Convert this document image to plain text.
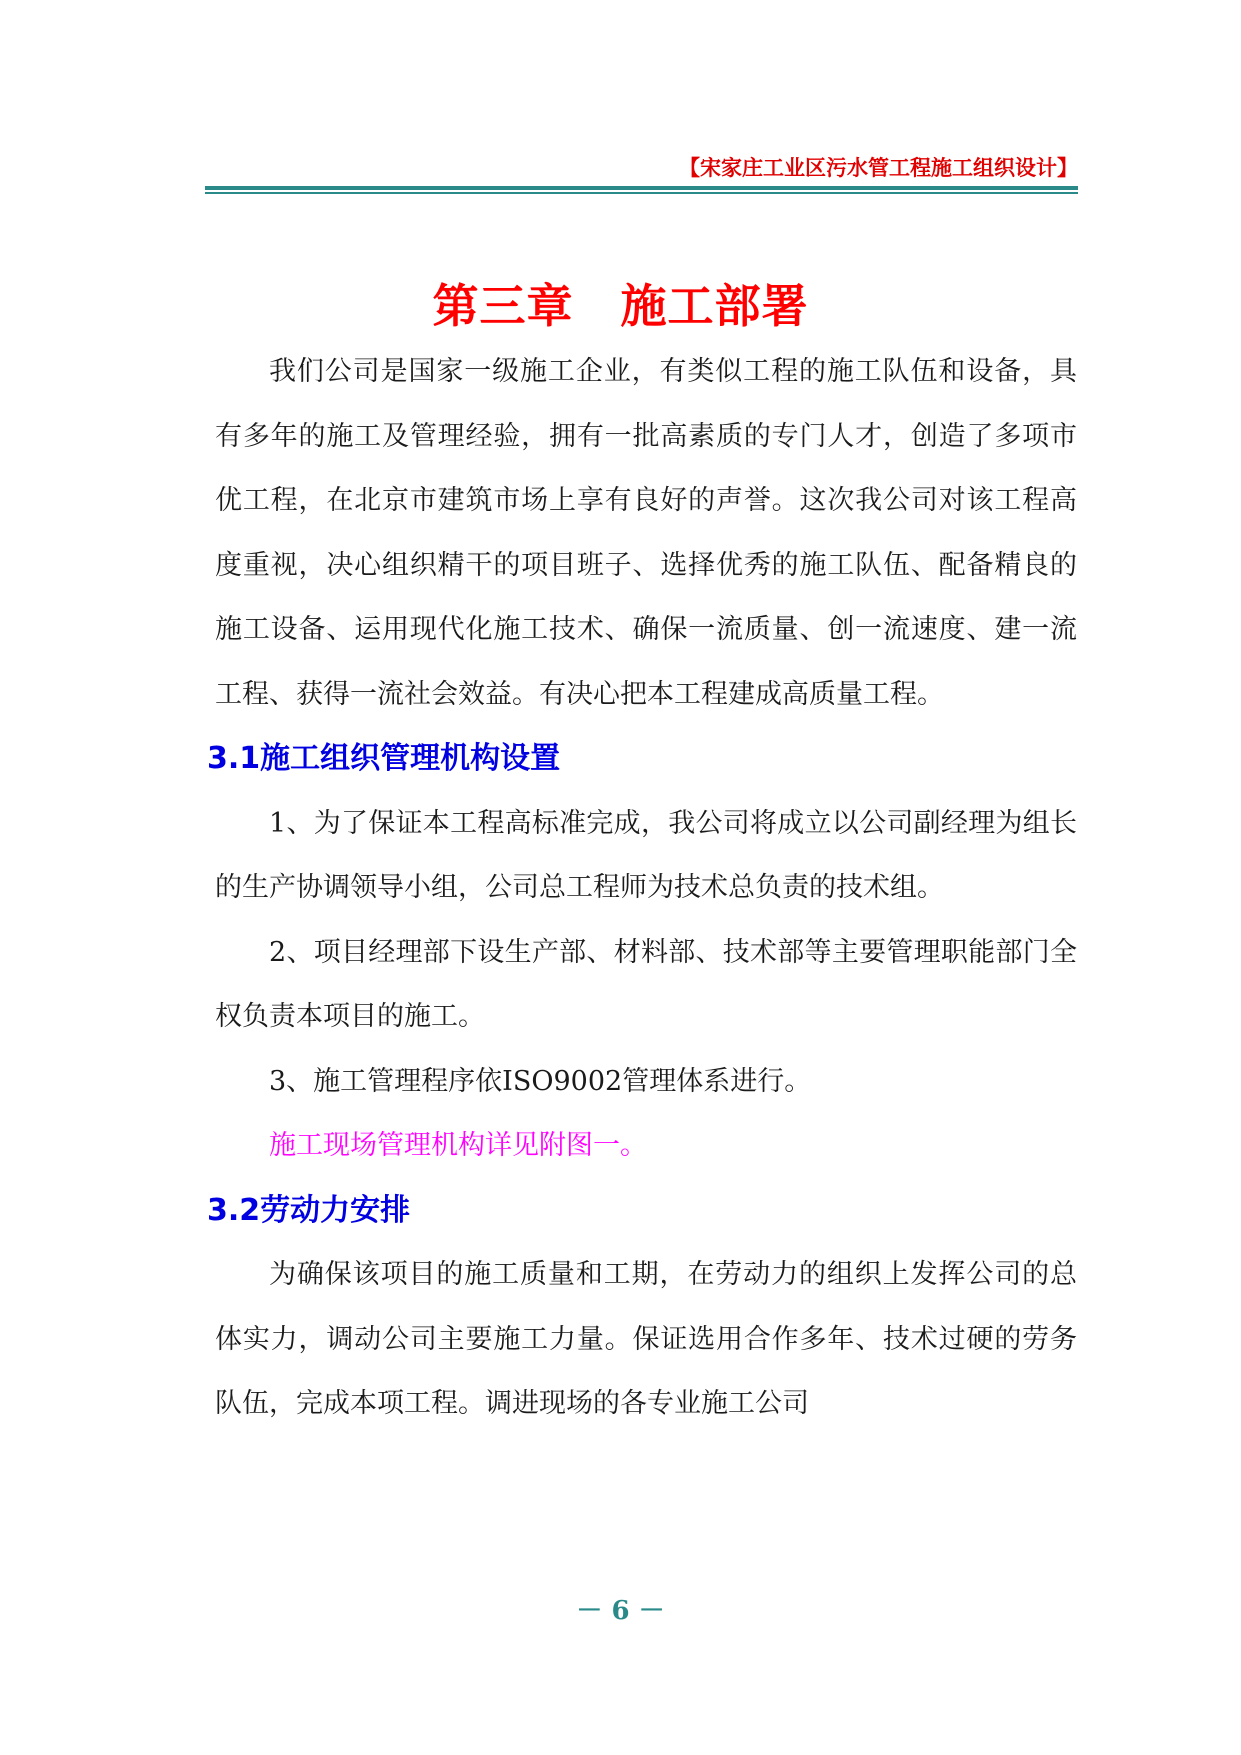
【宋家庄工业区污水管工程施工组织设计】
第三章　施工部署

我们公司是国家一级施工企业，有类似工程的施工队伍和设备，具有多年的施工及管理经验，拥有一批高素质的专门人才，创造了多项市优工程，在北京市建筑市场上享有良好的声誉。这次我公司对该工程高度重视，决心组织精干的项目班子、选择优秀的施工队伍、配备精良的施工设备、运用现代化施工技术、确保一流质量、创一流速度、建一流工程、获得一流社会效益。有决心把本工程建成高质量工程。

3.1施工组织管理机构设置

1、为了保证本工程高标准完成，我公司将成立以公司副经理为组长的生产协调领导小组，公司总工程师为技术总负责的技术组。

2、项目经理部下设生产部、材料部、技术部等主要管理职能部门全权负责本项目的施工。

3、施工管理程序依ISO9002管理体系进行。

施工现场管理机构详见附图一。

3.2劳动力安排

为确保该项目的施工质量和工期，在劳动力的组织上发挥公司的总体实力，调动公司主要施工力量。保证选用合作多年、技术过硬的劳务队伍，完成本项工程。调进现场的各专业施工公司

－ 6 －
